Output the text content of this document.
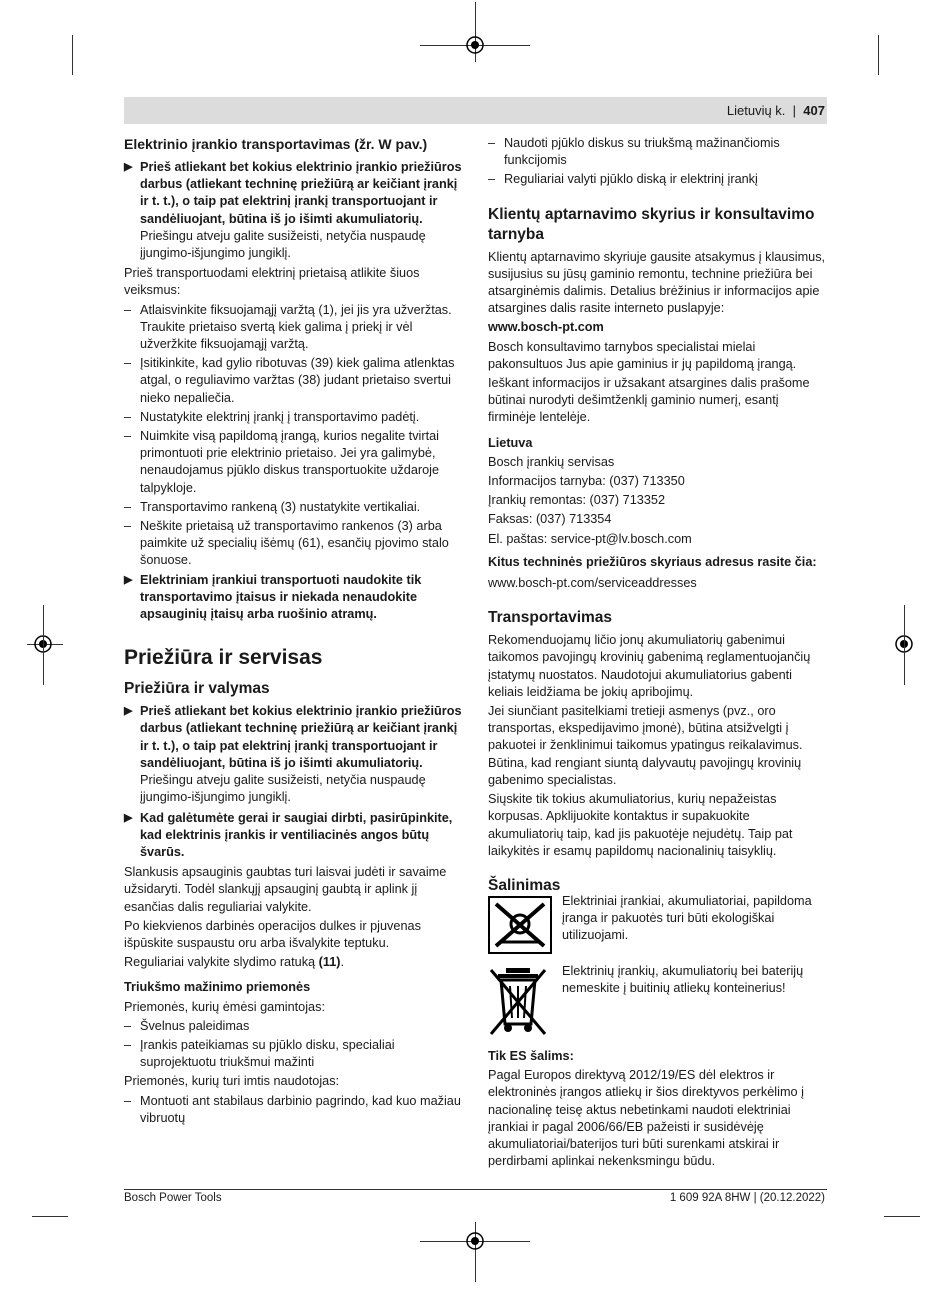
Lietuvių k.  |  407
Elektrinio įrankio transportavimas (žr. W pav.)
▶ Prieš atliekant bet kokius elektrinio įrankio priežiūros darbus (atliekant techninę priežiūrą ar keičiant įrankį ir t. t.), o taip pat elektrinį įrankį transportuojant ir sandėliuojant, būtina iš jo išimti akumuliatorių. Priešingu atveju galite susižeisti, netyčia nuspaudę įjungimo-išjungimo jungiklį.

Prieš transportuodami elektrinį prietaisą atlikite šiuos veiksmus:

– Atlaisvinkite fiksuojamąjį varžtą (1), jei jis yra užveržtas. Traukite prietaiso svertą kiek galima į priekį ir vėl užveržkite fiksuojamąjį varžtą.
– Įsitikinkite, kad gylio ribotuvas (39) kiek galima atlenktas atgal, o reguliavimo varžtas (38) judant prietaiso svertui nieko nepaliečia.
– Nustatykite elektrinį įrankį į transportavimo padėtį.
– Nuimkite visą papildomą įrangą, kurios negalite tvirtai primontuoti prie elektrinio prietaiso. Jei yra galimybė, nenaudojamus pjūklo diskus transportuokite uždaroje talpykloje.
– Transportavimo rankeną (3) nustatykite vertikaliai.
– Neškite prietaisą už transportavimo rankenos (3) arba paimkite už specialių išėmų (61), esančių pjovimo stalo šonuose.
▶ Elektriniam įrankiui transportuoti naudokite tik transportavimo įtaisus ir niekada nenaudokite apsauginių įtaisų arba ruošinio atramų.
Priežiūra ir servisas
Priežiūra ir valymas
▶ Prieš atliekant bet kokius elektrinio įrankio priežiūros darbus (atliekant techninę priežiūrą ar keičiant įrankį ir t. t.), o taip pat elektrinį įrankį transportuojant ir sandėliuojant, būtina iš jo išimti akumuliatorių. Priešingu atveju galite susižeisti, netyčia nuspaudę įjungimo-išjungimo jungiklį.
▶ Kad galėtumėte gerai ir saugiai dirbti, pasirūpinkite, kad elektrinis įrankis ir ventiliacinės angos būtų švarūs.

Slankusis apsauginis gaubtas turi laisvai judėti ir savaime užsidaryti. Todėl slankųjį apsauginį gaubtą ir aplink jį esančias dalis reguliariai valykite.

Po kiekvienos darbinės operacijos dulkes ir pjuvenas išpūskite suspaustu oru arba išvalykite teptuku.

Reguliariai valykite slydimo ratuką (11).

Triukšmo mažinimo priemonės

Priemonės, kurių ėmėsi gamintojas:

– Švelnus paleidimas
– Įrankis pateikiamas su pjūklo disku, specialiai suprojektuotu triukšmui mažinti

Priemonės, kurių turi imtis naudotojas:

– Montuoti ant stabilaus darbinio pagrindo, kad kuo mažiau vibruotų
– Naudoti pjūklo diskus su triukšmą mažinančiomis funkcijomis
– Reguliariai valyti pjūklo diską ir elektrinį įrankį
Klientų aptarnavimo skyrius ir konsultavimo tarnyba

Klientų aptarnavimo skyriuje gausite atsakymus į klausimus, susijusius su jūsų gaminio remontu, technine priežiūra bei atsarginėmis dalimis. Detalius brėžinius ir informacijos apie atsargines dalis rasite interneto puslapyje:

www.bosch-pt.com

Bosch konsultavimo tarnybos specialistai mielai pakonsultuos Jus apie gaminius ir jų papildomą įrangą.

Ieškant informacijos ir užsakant atsargines dalis prašome būtinai nurodyti dešimtženklį gaminio numerį, esantį firminėje lentelėje.

Lietuva

Bosch įrankių servisas

Informacijos tarnyba: (037) 713350

Įrankių remontas: (037) 713352

Faksas: (037) 713354

El. paštas: service-pt@lv.bosch.com

Kitus techninės priežiūros skyriaus adresus rasite čia:

www.bosch-pt.com/serviceaddresses

Transportavimas

Rekomenduojamų ličio jonų akumuliatorių gabenimui taikomos pavojingų krovinių gabenimą reglamentuojančių įstatymų nuostatos. Naudotojui akumuliatorius gabenti keliais leidžiama be jokių apribojimų.

Jei siunčiant pasitelkiami tretieji asmenys (pvz., oro transportas, ekspedijavimo įmonė), būtina atsižvelgti į pakuotei ir ženklinimui taikomus ypatingus reikalavimus. Būtina, kad rengiant siuntą dalyvautų pavojingų krovinių gabenimo specialistas.

Siųskite tik tokius akumuliatorius, kurių nepažeistas korpusas. Apklijuokite kontaktus ir supakuokite akumuliatorių taip, kad jis pakuotėje nejudėtų. Taip pat laikykitės ir esamų papildomų nacionalinių taisyklių.

Šalinimas
Elektriniai įrankiai, akumuliatoriai, papildoma įranga ir pakuotės turi būti ekologiškai utilizuojami.
Elektrinių įrankių, akumuliatorių bei baterijų nemeskite į buitinių atliekų konteinerius!
Tik ES šalims:

Pagal Europos direktyvą 2012/19/ES dėl elektros ir elektroninės įrangos atliekų ir šios direktyvos perkėlimo į nacionalinę teisę aktus nebetinkami naudoti elektriniai įrankiai ir pagal 2006/66/EB pažeisti ir susidėvėję akumuliatoriai/baterijos turi būti surenkami atskirai ir perdirbami aplinkai nekenksmingu būdu.

Bosch Power Tools	1 609 92A 8HW | (20.12.2022)
